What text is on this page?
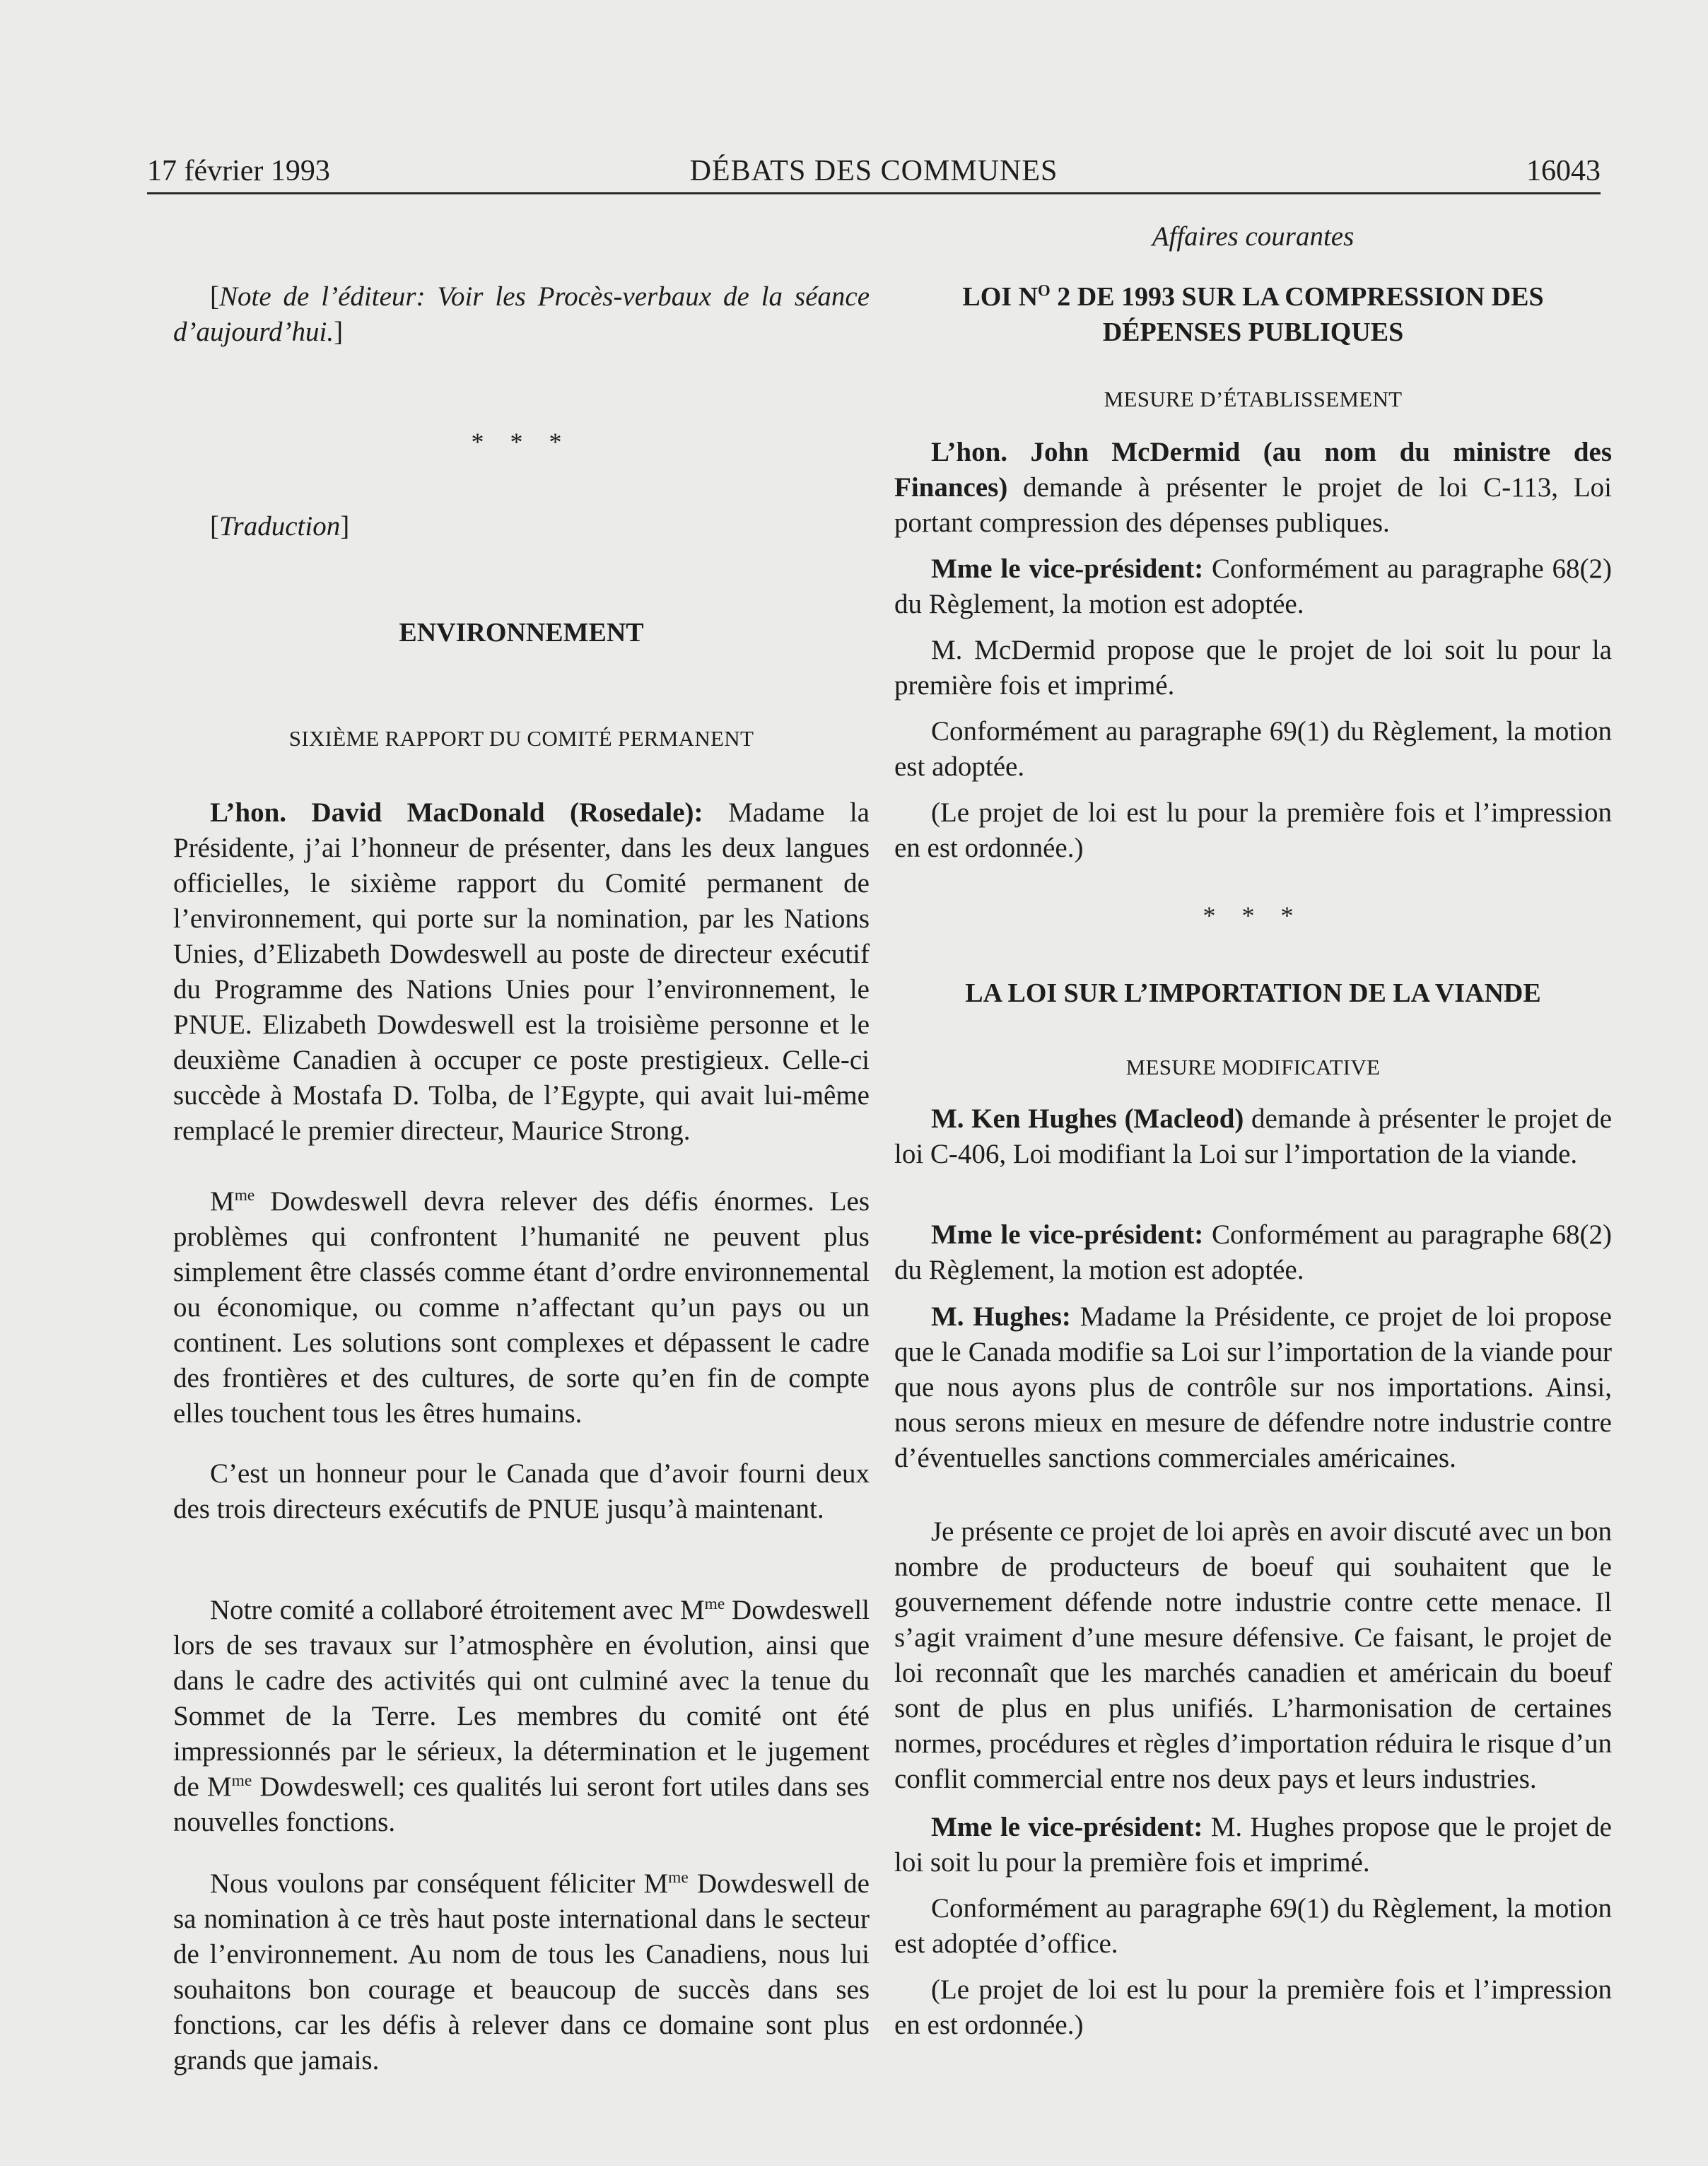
17 février 1993	DÉBATS DES COMMUNES	16043

[Note de l’éditeur: Voir les Procès-verbaux de la séance d’aujourd’hui.]

* * *

[Traduction]

ENVIRONNEMENT

SIXIÈME RAPPORT DU COMITÉ PERMANENT

L’hon. David MacDonald (Rosedale): Madame la Présidente, j’ai l’honneur de présenter, dans les deux langues officielles, le sixième rapport du Comité permanent de l’environnement, qui porte sur la nomination, par les Nations Unies, d’Elizabeth Dowdeswell au poste de directeur exécutif du Programme des Nations Unies pour l’environnement, le PNUE. Elizabeth Dowdeswell est la troisième personne et le deuxième Canadien à occuper ce poste prestigieux. Celle-ci succède à Mostafa D. Tolba, de l’Egypte, qui avait lui-même remplacé le premier directeur, Maurice Strong.

$M^{me}$ Dowdeswell devra relever des défis énormes. Les problèmes qui confrontent l’humanité ne peuvent plus simplement être classés comme étant d’ordre environnemental ou économique, ou comme n’affectant qu’un pays ou un continent. Les solutions sont complexes et dépassent le cadre des frontières et des cultures, de sorte qu’en fin de compte elles touchent tous les êtres humains.

C’est un honneur pour le Canada que d’avoir fourni deux des trois directeurs exécutifs de PNUE jusqu’à maintenant.

Notre comité a collaboré étroitement avec $M^{me}$ Dowdeswell lors de ses travaux sur l’atmosphère en évolution, ainsi que dans le cadre des activités qui ont culminé avec la tenue du Sommet de la Terre. Les membres du comité ont été impressionnés par le sérieux, la détermination et le jugement de $M^{me}$ Dowdeswell; ces qualités lui seront fort utiles dans ses nouvelles fonctions.

Nous voulons par conséquent féliciter $M^{me}$ Dowdeswell de sa nomination à ce très haut poste international dans le secteur de l’environnement. Au nom de tous les Canadiens, nous lui souhaitons bon courage et beaucoup de succès dans ses fonctions, car les défis à relever dans ce domaine sont plus grands que jamais.

Affaires courantes

LOI $N^O$ 2 DE 1993 SUR LA COMPRESSION DES DÉPENSES PUBLIQUES

MESURE D’ÉTABLISSEMENT

L’hon. John McDermid (au nom du ministre des Finances) demande à présenter le projet de loi C-113, Loi portant compression des dépenses publiques.

Mme le vice-président: Conformément au paragraphe 68(2) du Règlement, la motion est adoptée.

M. McDermid propose que le projet de loi soit lu pour la première fois et imprimé.

Conformément au paragraphe 69(1) du Règlement, la motion est adoptée.

(Le projet de loi est lu pour la première fois et l’impression en est ordonnée.)

* * *

LA LOI SUR L’IMPORTATION DE LA VIANDE

MESURE MODIFICATIVE

M. Ken Hughes (Macleod) demande à présenter le projet de loi C-406, Loi modifiant la Loi sur l’importation de la viande.

Mme le vice-président: Conformément au paragraphe 68(2) du Règlement, la motion est adoptée.

M. Hughes: Madame la Présidente, ce projet de loi propose que le Canada modifie sa Loi sur l’importation de la viande pour que nous ayons plus de contrôle sur nos importations. Ainsi, nous serons mieux en mesure de défendre notre industrie contre d’éventuelles sanctions commerciales américaines.

Je présente ce projet de loi après en avoir discuté avec un bon nombre de producteurs de boeuf qui souhaitent que le gouvernement défende notre industrie contre cette menace. Il s’agit vraiment d’une mesure défensive. Ce faisant, le projet de loi reconnaît que les marchés canadien et américain du boeuf sont de plus en plus unifiés. L’harmonisation de certaines normes, procédures et règles d’importation réduira le risque d’un conflit commercial entre nos deux pays et leurs industries.

Mme le vice-président: M. Hughes propose que le projet de loi soit lu pour la première fois et imprimé.

Conformément au paragraphe 69(1) du Règlement, la motion est adoptée d’office.

(Le projet de loi est lu pour la première fois et l’impression en est ordonnée.)
